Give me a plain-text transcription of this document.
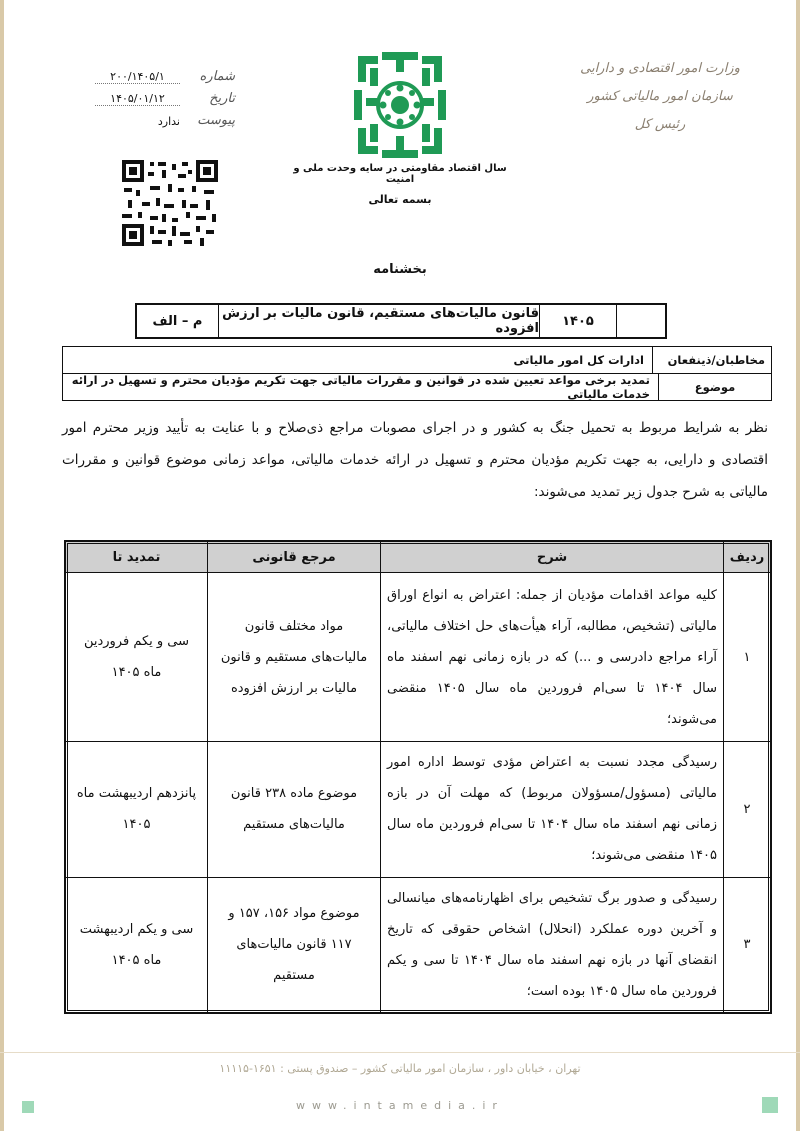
وزارت امور اقتصادی و دارایی
سازمان امور مالیاتی کشور
رئیس کل
شماره
۲۰۰/۱۴۰۵/۱
تاریخ
۱۴۰۵/۰۱/۱۲
پیوست
ندارد
سال اقتصاد مقاومتی در سایه وحدت ملی و امنیت
بسمه تعالی
بخشنامه
۱۴۰۵
قانون مالیات‌های مستقیم، قانون مالیات بر ارزش افزوده
م – الف
مخاطبان/ذینفعان
ادارات کل امور مالیاتی
موضوع
تمدید برخی مواعد تعیین شده در قوانین و مقررات مالیاتی جهت تکریم مؤدیان محترم و تسهیل در ارائه خدمات مالیاتی
نظر به شرایط مربوط به تحمیل جنگ به کشور و در اجرای مصوبات مراجع ذی‌صلاح و با عنایت به تأیید وزیر محترم امور اقتصادی و دارایی، به جهت تکریم مؤدیان محترم و تسهیل در ارائه خدمات مالیاتی، مواعد زمانی موضوع قوانین و مقررات مالیاتی به شرح جدول زیر تمدید می‌شوند:
ردیف	شرح	مرجع قانونی	تمدید تا
۱	کلیه مواعد اقدامات مؤدیان از جمله: اعتراض به انواع اوراق مالیاتی (تشخیص، مطالبه، آراء هیأت‌های حل اختلاف مالیاتی، آراء مراجع دادرسی و ...) که در بازه زمانی نهم اسفند ماه سال ۱۴۰۴ تا سی‌ام فروردین ماه سال ۱۴۰۵ منقضی می‌شوند؛	مواد مختلف قانون مالیات‌های مستقیم و قانون مالیات بر ارزش افزوده	سی و یکم فروردین ماه ۱۴۰۵
۲	رسیدگی مجدد نسبت به اعتراض مؤدی توسط اداره امور مالیاتی (مسؤول/مسؤولان مربوط) که مهلت آن در بازه زمانی نهم اسفند ماه سال ۱۴۰۴ تا سی‌ام فروردین ماه سال ۱۴۰۵ منقضی می‌شوند؛	موضوع ماده ۲۳۸ قانون مالیات‌های مستقیم	پانزدهم اردیبهشت ماه ۱۴۰۵
۳	رسیدگی و صدور برگ تشخیص برای اظهارنامه‌های میانسالی و آخرین دوره عملکرد (انحلال) اشخاص حقوقی که تاریخ انقضای آنها در بازه نهم اسفند ماه سال ۱۴۰۴ تا سی و یکم فروردین ماه سال ۱۴۰۵ بوده است؛	موضوع مواد ۱۵۶، ۱۵۷ و ۱۱۷ قانون مالیات‌های مستقیم	سی و یکم اردیبهشت ماه ۱۴۰۵
تهران ، خیابان داور ، سازمان امور مالیاتی کشور – صندوق پستی : ۱۶۵۱-۱۱۱۱۵
www.intamedia.ir
